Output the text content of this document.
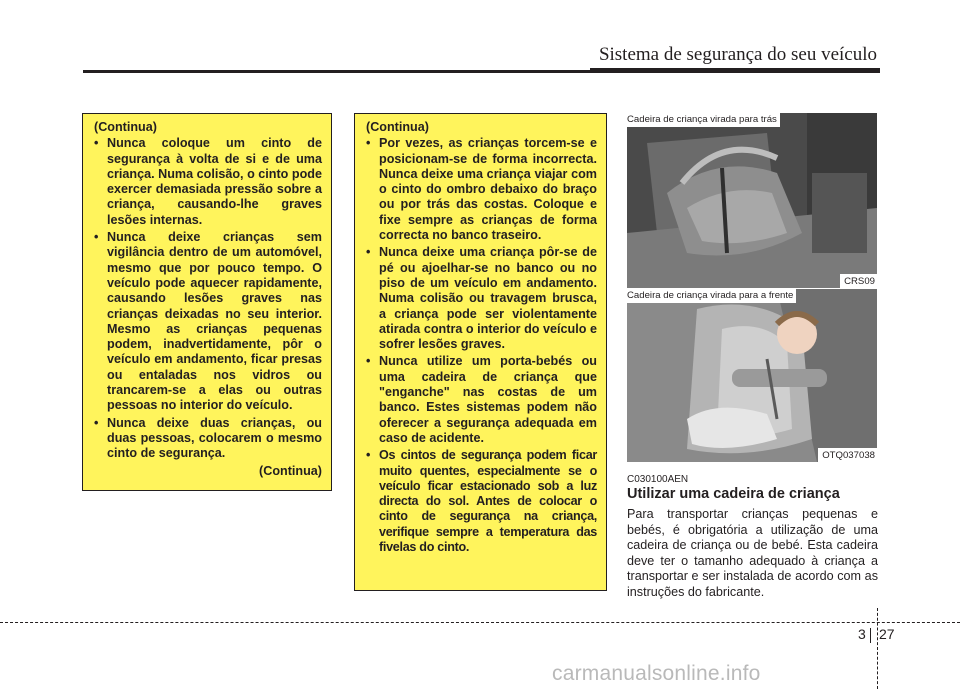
Sistema de segurança do seu veículo
(Continua)
• Nunca coloque um cinto de segurança à volta de si e de uma criança. Numa colisão, o cinto pode exercer demasiada pressão sobre a criança, causando-lhe graves lesões internas.
• Nunca deixe crianças sem vigilância dentro de um automóvel, mesmo que por pouco tempo. O veículo pode aquecer rapidamente, causando lesões graves nas crianças deixadas no seu interior. Mesmo as crianças pequenas podem, inadvertidamente, pôr o veículo em andamento, ficar presas ou entaladas nos vidros ou trancarem-se a elas ou outras pessoas no interior do veículo.
• Nunca deixe duas crianças, ou duas pessoas, colocarem o mesmo cinto de segurança.
(Continua)
(Continua)
• Por vezes, as crianças torcem-se e posicionam-se de forma incorrecta. Nunca deixe uma criança viajar com o cinto do ombro debaixo do braço ou por trás das costas. Coloque e fixe sempre as crianças de forma correcta no banco traseiro.
• Nunca deixe uma criança pôr-se de pé ou ajoelhar-se no banco ou no piso de um veículo em andamento. Numa colisão ou travagem brusca, a criança pode ser violentamente atirada contra o interior do veículo e sofrer lesões graves.
• Nunca utilize um porta-bebés ou uma cadeira de criança que "enganche" nas costas de um banco. Estes sistemas podem não oferecer a segurança adequada em caso de acidente.
• Os cintos de segurança podem ficar muito quentes, especialmente se o veículo ficar estacionado sob a luz directa do sol. Antes de colocar o cinto de segurança na criança, verifique sempre a temperatura das fivelas do cinto.
Cadeira de criança virada para trás
CRS09
Cadeira de criança virada para a frente
OTQ037038
C030100AEN
Utilizar uma cadeira de criança
Para transportar crianças pequenas e bebés, é obrigatória a utilização de uma cadeira de criança ou de bebé. Esta cadeira deve ter o tamanho adequado à criança a transportar e ser instalada de acordo com as instruções do fabricante.
3 27
carmanualsonline.info
